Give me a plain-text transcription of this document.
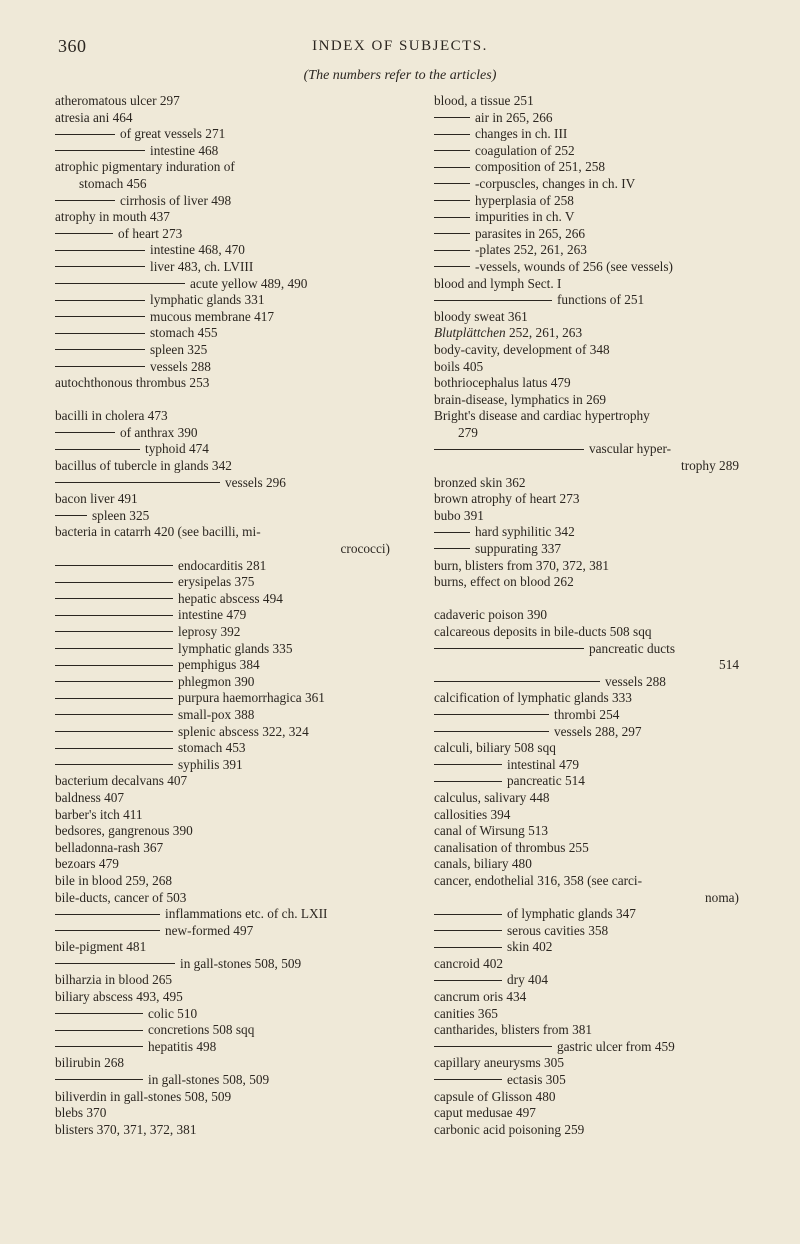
360	INDEX OF SUBJECTS.
(The numbers refer to the articles)
atheromatous ulcer 297
atresia ani 464
of great vessels 271
intestine 468
atrophic pigmentary induration of
stomach 456
cirrhosis of liver 498
atrophy in mouth 437
of heart 273
intestine 468, 470
liver 483, ch. LVIII
acute yellow 489, 490
lymphatic glands 331
mucous membrane 417
stomach 455
spleen 325
vessels 288
autochthonous thrombus 253
bacilli in cholera 473
of anthrax 390
typhoid 474
bacillus of tubercle in glands 342
vessels 296
bacon liver 491
spleen 325
bacteria in catarrh 420 (see bacilli, mi-
crococci)
endocarditis 281
erysipelas 375
hepatic abscess 494
intestine 479
leprosy 392
lymphatic glands 335
pemphigus 384
phlegmon 390
purpura haemorrhagica 361
small-pox 388
splenic abscess 322, 324
stomach 453
syphilis 391
bacterium decalvans 407
baldness 407
barber's itch 411
bedsores, gangrenous 390
belladonna-rash 367
bezoars 479
bile in blood 259, 268
bile-ducts, cancer of 503
inflammations etc. of ch. LXII
new-formed 497
bile-pigment 481
in gall-stones 508, 509
bilharzia in blood 265
biliary abscess 493, 495
colic 510
concretions 508 sqq
hepatitis 498
bilirubin 268
in gall-stones 508, 509
biliverdin in gall-stones 508, 509
blebs 370
blisters 370, 371, 372, 381
blood, a tissue 251
air in 265, 266
changes in ch. III
coagulation of 252
composition of 251, 258
-corpuscles, changes in ch. IV
hyperplasia of 258
impurities in ch. V
parasites in 265, 266
-plates 252, 261, 263
-vessels, wounds of 256 (see vessels)
blood and lymph Sect. I
functions of 251
bloody sweat 361
Blutplättchen 252, 261, 263
body-cavity, development of 348
boils 405
bothriocephalus latus 479
brain-disease, lymphatics in 269
Bright's disease and cardiac hypertrophy
279
vascular hyper-
trophy 289
bronzed skin 362
brown atrophy of heart 273
bubo 391
hard syphilitic 342
suppurating 337
burn, blisters from 370, 372, 381
burns, effect on blood 262
cadaveric poison 390
calcareous deposits in bile-ducts 508 sqq
pancreatic ducts
514
vessels 288
calcification of lymphatic glands 333
thrombi 254
vessels 288, 297
calculi, biliary 508 sqq
intestinal 479
pancreatic 514
calculus, salivary 448
callosities 394
canal of Wirsung 513
canalisation of thrombus 255
canals, biliary 480
cancer, endothelial 316, 358 (see carci-
noma)
of lymphatic glands 347
serous cavities 358
skin 402
cancroid 402
dry 404
cancrum oris 434
canities 365
cantharides, blisters from 381
gastric ulcer from 459
capillary aneurysms 305
ectasis 305
capsule of Glisson 480
caput medusae 497
carbonic acid poisoning 259
